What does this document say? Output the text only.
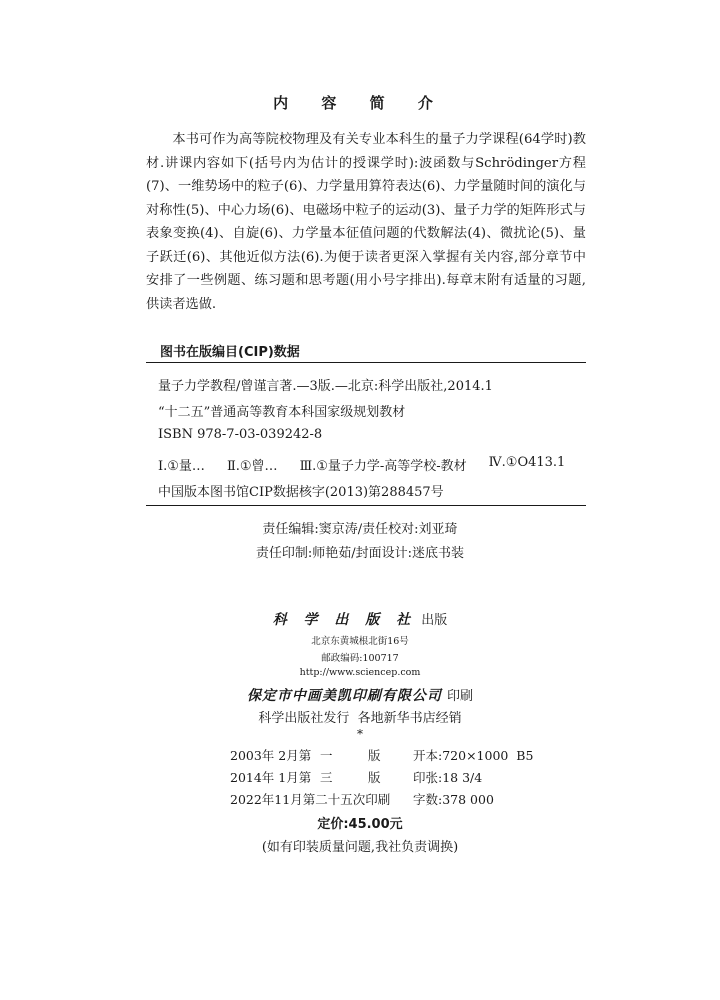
内 容 简 介

本书可作为高等院校物理及有关专业本科生的量子力学课程(64学时)教材.讲课内容如下(括号内为估计的授课学时):波函数与Schrödinger方程(7)、一维势场中的粒子(6)、力学量用算符表达(6)、力学量随时间的演化与对称性(5)、中心力场(6)、电磁场中粒子的运动(3)、量子力学的矩阵形式与表象变换(4)、自旋(6)、力学量本征值问题的代数解法(4)、微扰论(5)、量子跃迁(6)、其他近似方法(6).为便于读者更深入掌握有关内容,部分章节中安排了一些例题、练习题和思考题(用小号字排出).每章末附有适量的习题,供读者选做.

图书在版编目(CIP)数据
量子力学教程/曾谨言著.—3版.—北京:科学出版社,2014.1
“十二五”普通高等教育本科国家级规划教材
ISBN 978-7-03-039242-8
Ⅰ.①量… Ⅱ.①曾… Ⅲ.①量子力学-高等学校-教材 Ⅳ.①O413.1
中国版本图书馆CIP数据核字(2013)第288457号
责任编辑:窦京涛/责任校对:刘亚琦
责任印制:师艳茹/封面设计:迷底书装
科 学 出 版 社 出版
北京东黄城根北街16号
邮政编码:100717
http://www.sciencep.com
保定市中画美凯印刷有限公司 印刷
科学出版社发行  各地新华书店经销
*
2003年 2月第 一	版	开本:720×1000  B5
2014年 1月第 三	版	印张:18 3/4
2022年11月第二十五次印刷 字数:378 000
定价:45.00元
(如有印装质量问题,我社负责调换)
